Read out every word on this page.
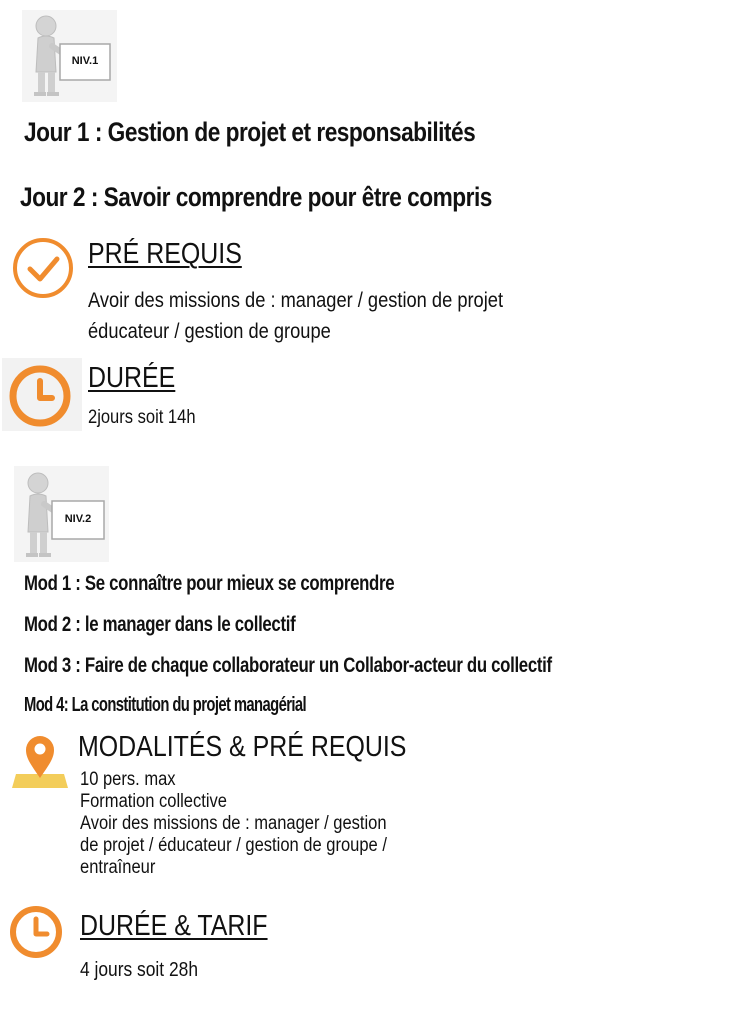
NIV.1
Jour 1 : Gestion de projet et responsabilités
Jour 2 : Savoir comprendre pour être compris
PRÉ REQUIS
Avoir des missions de : manager / gestion de projet
éducateur / gestion de groupe
DURÉE
2jours soit 14h
NIV.2
Mod 1 : Se connaître pour mieux se comprendre
Mod 2 : le manager dans le collectif
Mod 3 : Faire de chaque collaborateur un Collabor-acteur du collectif
Mod 4: La constitution du projet managérial
MODALITÉS & PRÉ REQUIS
10 pers. max
Formation collective
Avoir des missions de : manager / gestion
de projet / éducateur / gestion de groupe /
entraîneur
DURÉE & TARIF
4 jours soit 28h
